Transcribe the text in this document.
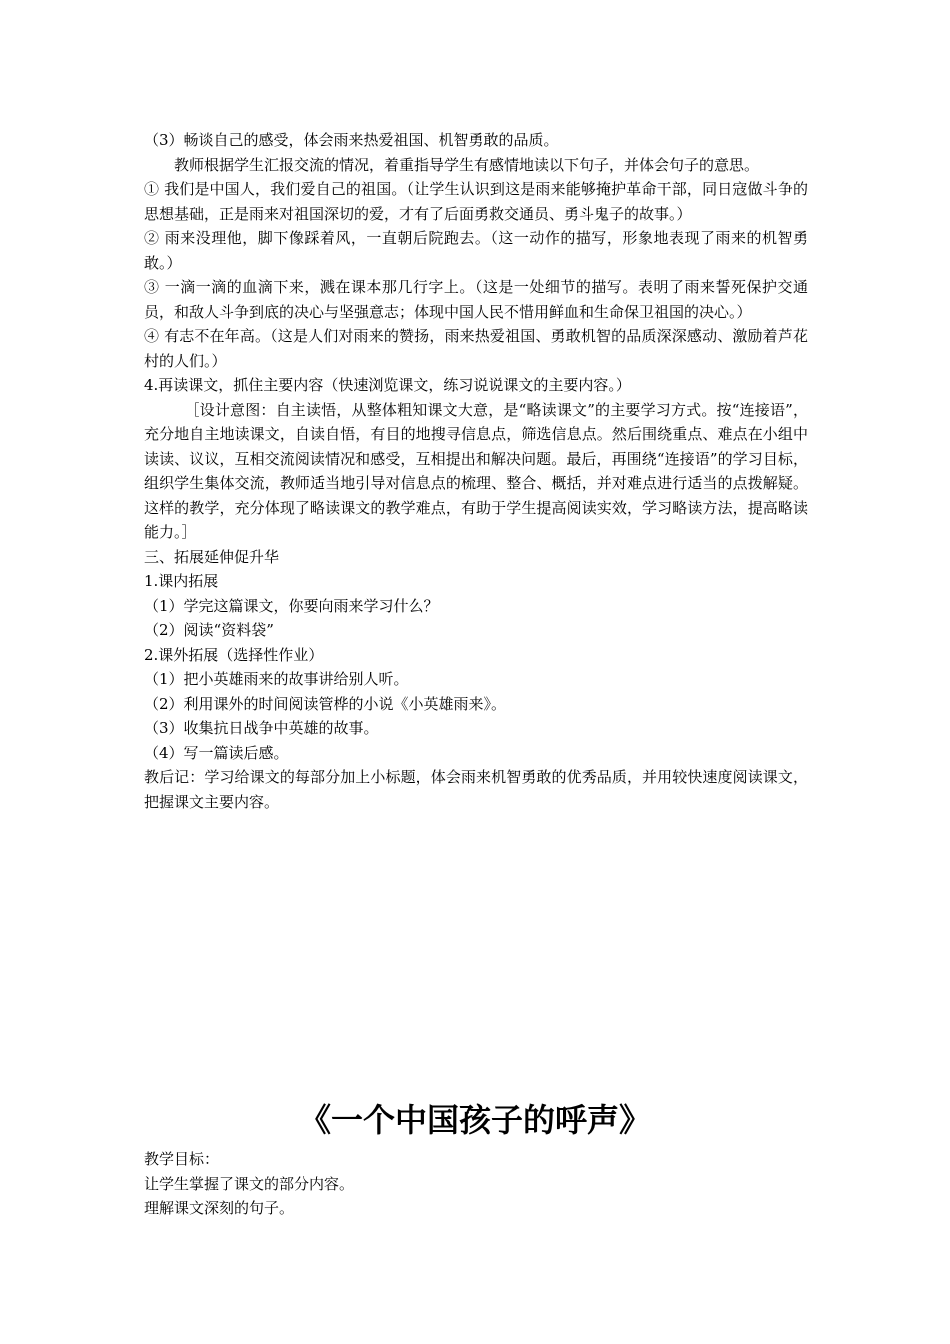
（3）畅谈自己的感受，体会雨来热爱祖国、机智勇敢的品质。

教师根据学生汇报交流的情况，着重指导学生有感情地读以下句子，并体会句子的意思。

① 我们是中国人，我们爱自己的祖国。（让学生认识到这是雨来能够掩护革命干部，同日寇做斗争的思想基础，正是雨来对祖国深切的爱，才有了后面勇救交通员、勇斗鬼子的故事。）

② 雨来没理他，脚下像踩着风，一直朝后院跑去。（这一动作的描写，形象地表现了雨来的机智勇敢。）

③ 一滴一滴的血滴下来，溅在课本那几行字上。（这是一处细节的描写。表明了雨来誓死保护交通员，和敌人斗争到底的决心与坚强意志；体现中国人民不惜用鲜血和生命保卫祖国的决心。）

④ 有志不在年高。（这是人们对雨来的赞扬，雨来热爱祖国、勇敢机智的品质深深感动、激励着芦花村的人们。）

4.再读课文，抓住主要内容（快速浏览课文，练习说说课文的主要内容。）

［设计意图：自主读悟，从整体粗知课文大意，是“略读课文”的主要学习方式。按“连接语”，充分地自主地读课文，自读自悟，有目的地搜寻信息点，筛选信息点。然后围绕重点、难点在小组中读读、议议，互相交流阅读情况和感受，互相提出和解决问题。最后，再围绕“连接语”的学习目标，组织学生集体交流，教师适当地引导对信息点的梳理、整合、概括，并对难点进行适当的点拨解疑。这样的教学，充分体现了略读课文的教学难点，有助于学生提高阅读实效，学习略读方法，提高略读能力。］

三、拓展延伸促升华

1.课内拓展

（1）学完这篇课文，你要向雨来学习什么？

（2）阅读“资料袋”

2.课外拓展（选择性作业）

（1）把小英雄雨来的故事讲给别人听。

（2）利用课外的时间阅读管桦的小说《小英雄雨来》。

（3）收集抗日战争中英雄的故事。

（4）写一篇读后感。

教后记：学习给课文的每部分加上小标题，体会雨来机智勇敢的优秀品质，并用较快速度阅读课文，把握课文主要内容。

《一个中国孩子的呼声》

教学目标：

让学生掌握了课文的部分内容。

理解课文深刻的句子。
